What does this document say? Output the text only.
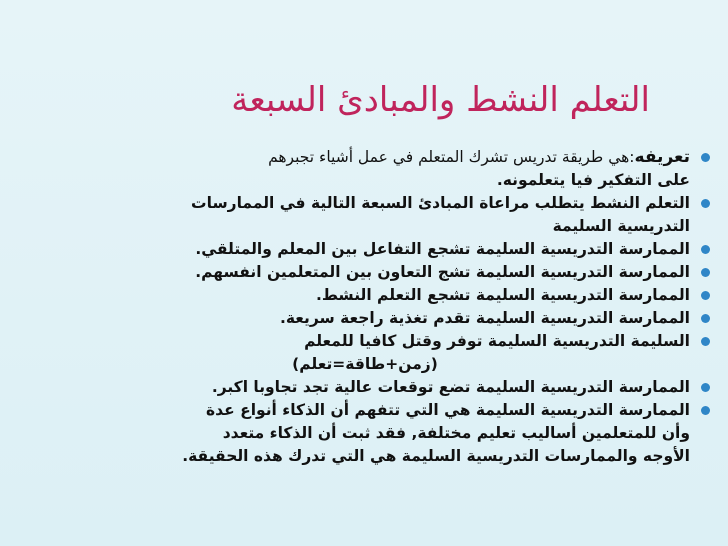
التعلم النشط والمبادئ السبعة
تعريفه:هي طريقة تدريس تشرك المتعلم في عمل أشياء تجبرهم
على التفكير فيا يتعلمونه.
التعلم النشط يتطلب مراعاة المبادئ السبعة التالية في الممارسات
التدريسية السليمة
الممارسة التدريسية السليمة تشجع التفاعل بين المعلم والمتلقي.
الممارسة التدريسية السليمة تشج التعاون بين المتعلمين انفسهم.
الممارسة التدريسية السليمة تشجع التعلم النشط.
الممارسة التدريسية السليمة تقدم تغذية راجعة سريعة.
السليمة التدريسية السليمة توفر وقتل كافيا للمعلم
(زمن+طاقة=تعلم)
الممارسة التدريسية السليمة تضع توقعات عالية تجد تجاوبا اكبر.
الممارسة التدريسية السليمة هي التي تتفهم أن الذكاء أنواع عدة
وأن للمتعلمين أساليب تعليم مختلفة, فقد ثبت أن الذكاء متعدد
الأوجه والممارسات التدريسية السليمة هي التي تدرك هذه الحقيقة.
